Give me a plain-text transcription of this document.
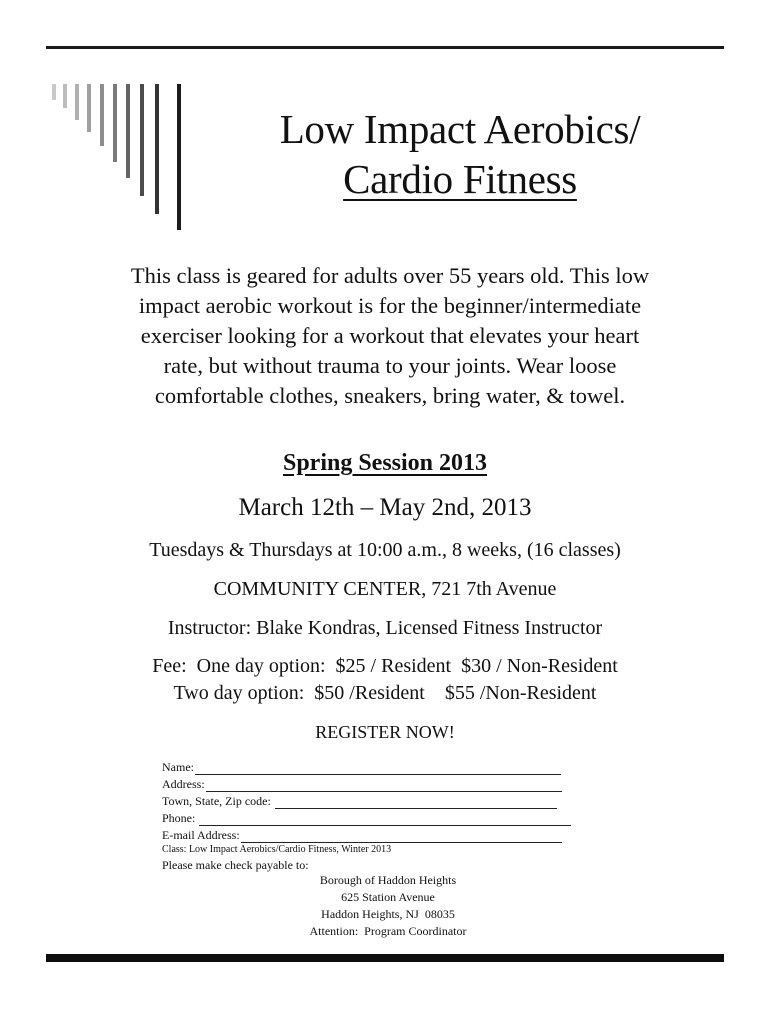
Low Impact Aerobics/
Cardio Fitness
This class is geared for adults over 55 years old. This low
impact aerobic workout is for the beginner/intermediate
exerciser looking for a workout that elevates your heart
rate, but without trauma to your joints. Wear loose
comfortable clothes, sneakers, bring water, & towel.
Spring Session 2013
March 12th – May 2nd, 2013
Tuesdays & Thursdays at 10:00 a.m., 8 weeks, (16 classes)
COMMUNITY CENTER, 721 7th Avenue
Instructor: Blake Kondras, Licensed Fitness Instructor
Fee:  One day option:  $25 / Resident  $30 / Non-Resident
Two day option:  $50 /Resident    $55 /Non-Resident
REGISTER NOW!
Name:
Address:
Town, State, Zip code:
Phone:
E-mail Address:
Class: Low Impact Aerobics/Cardio Fitness, Winter 2013
Please make check payable to:
Borough of Haddon Heights
625 Station Avenue
Haddon Heights, NJ  08035
Attention:  Program Coordinator
